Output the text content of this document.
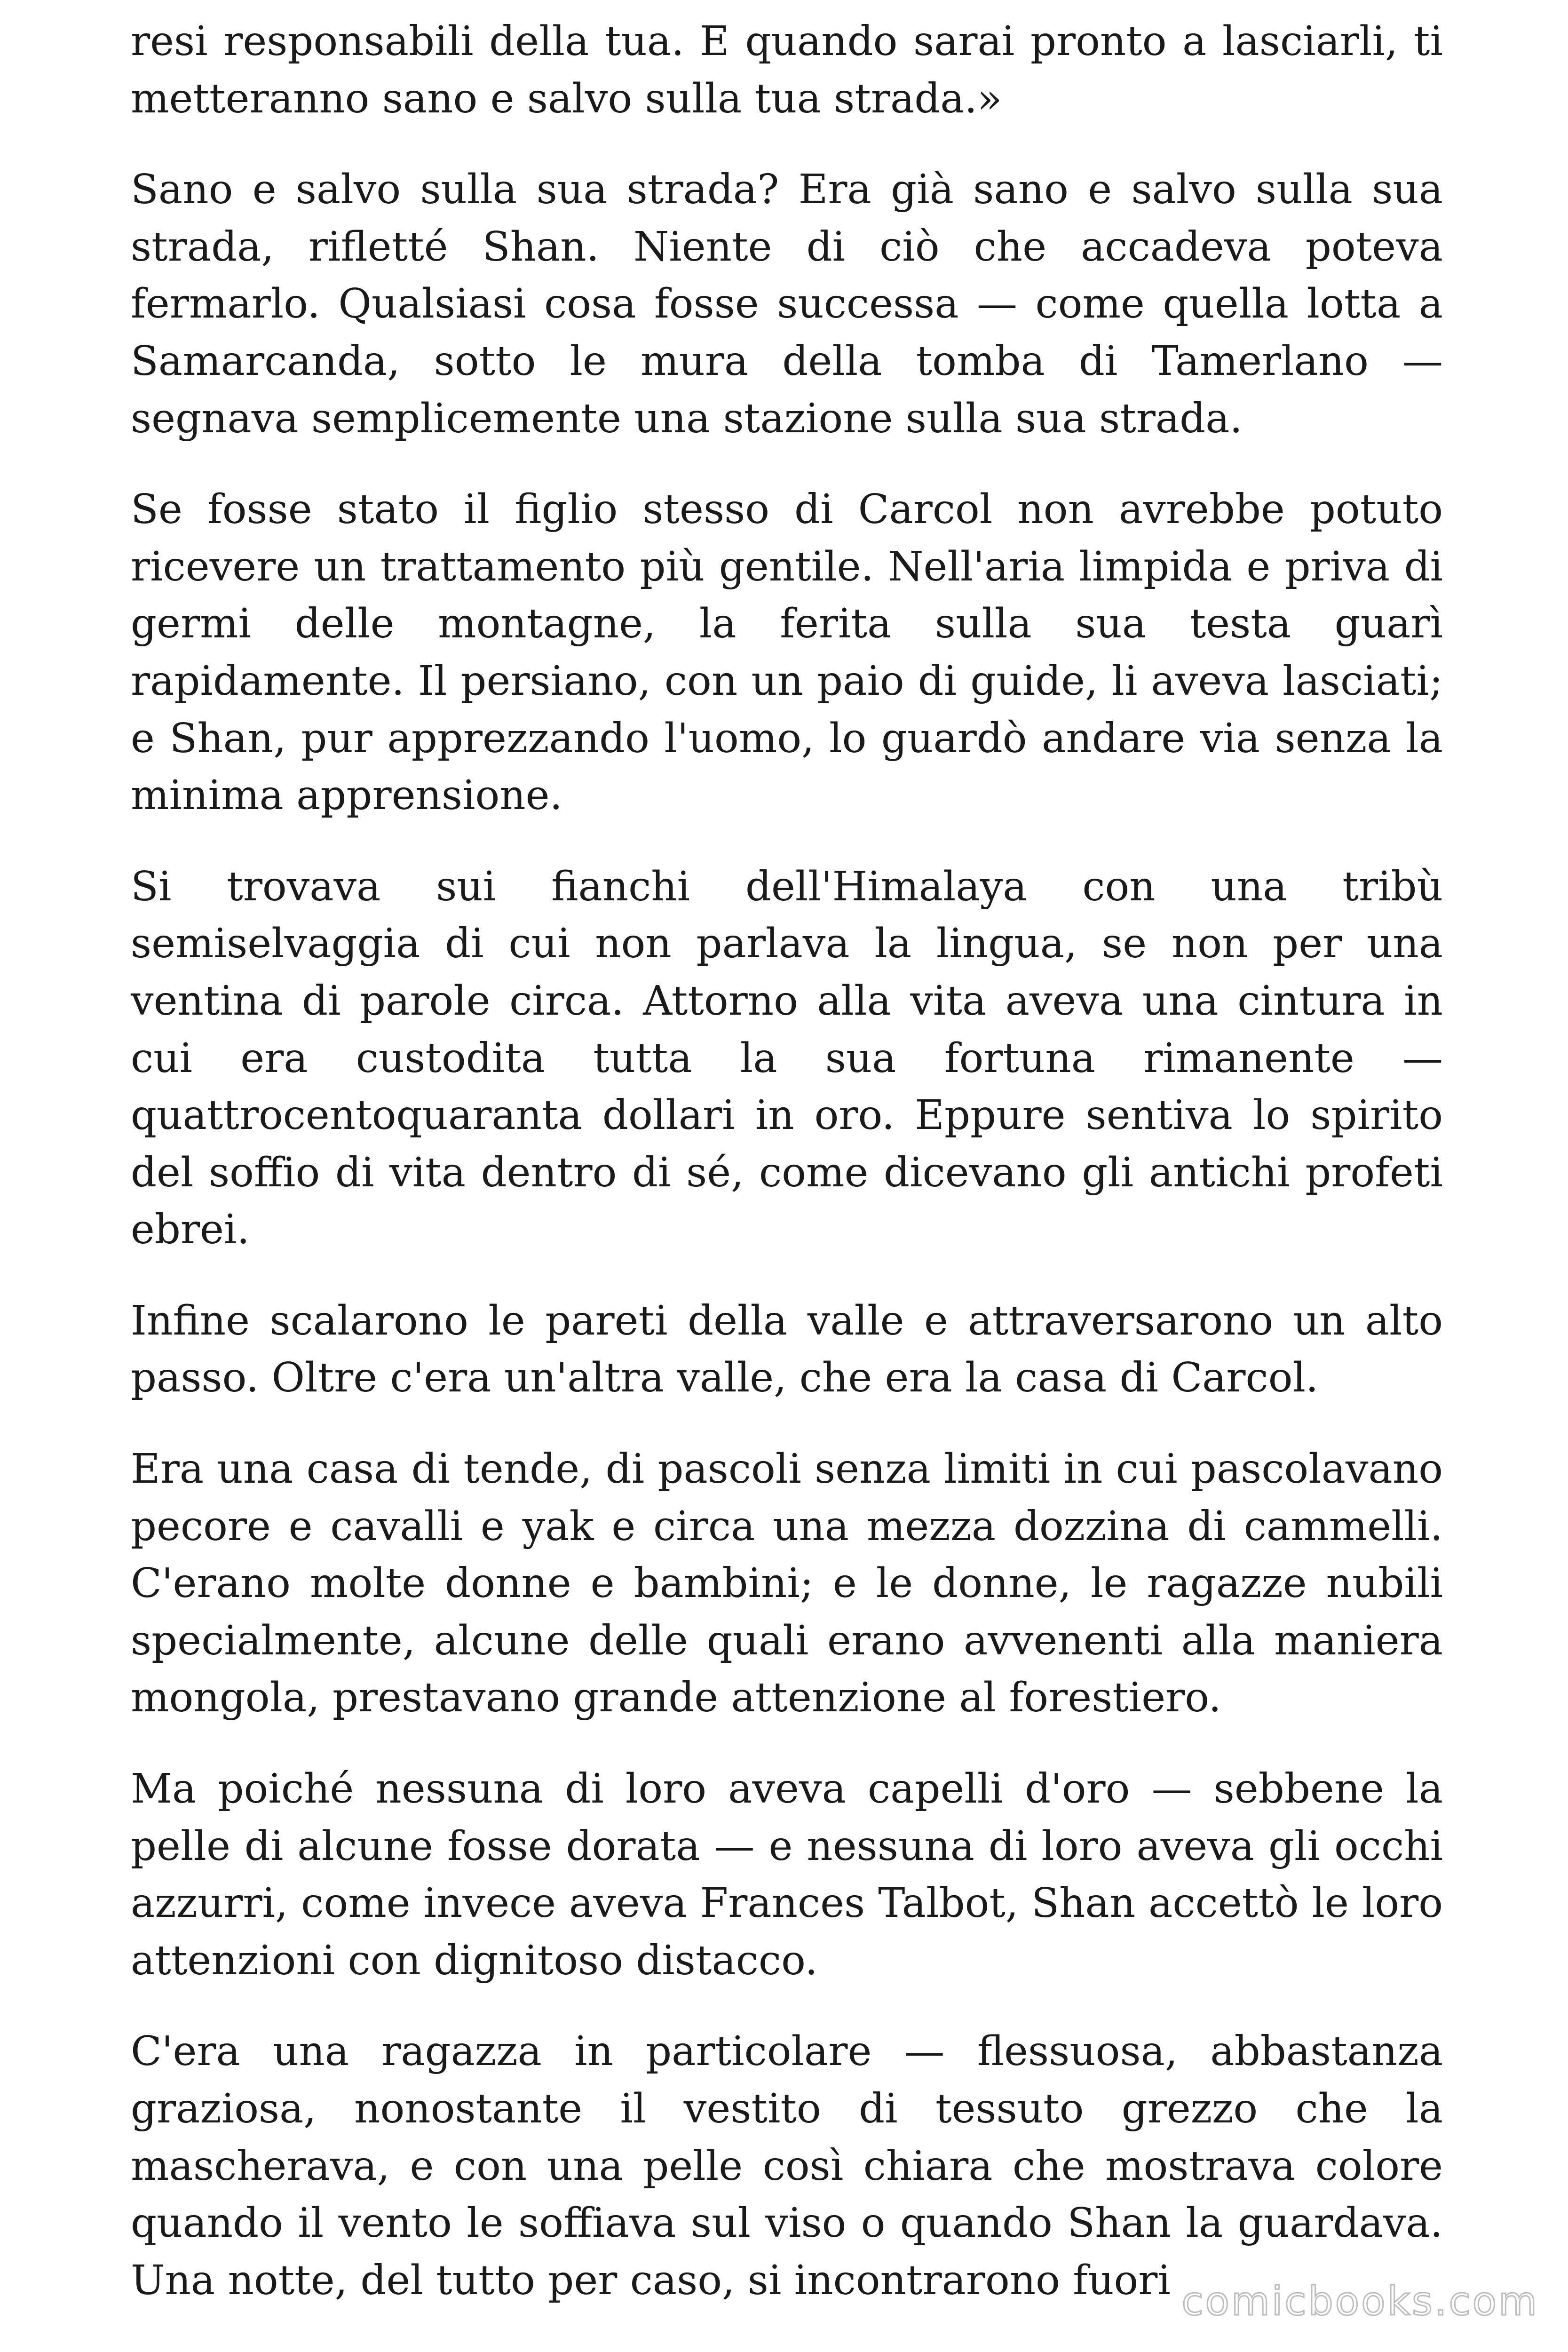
resi responsabili della tua. E quando sarai pronto a lasciarli, ti metteranno sano e salvo sulla tua strada.»

Sano e salvo sulla sua strada? Era già sano e salvo sulla sua strada, rifletté Shan. Niente di ciò che accadeva poteva fermarlo. Qualsiasi cosa fosse successa — come quella lotta a Samarcanda, sotto le mura della tomba di Tamerlano — segnava semplicemente una stazione sulla sua strada.

Se fosse stato il figlio stesso di Carcol non avrebbe potuto ricevere un trattamento più gentile. Nell'aria limpida e priva di germi delle montagne, la ferita sulla sua testa guarì rapidamente. Il persiano, con un paio di guide, li aveva lasciati; e Shan, pur apprezzando l'uomo, lo guardò andare via senza la minima apprensione.

Si trovava sui fianchi dell'Himalaya con una tribù semiselvaggia di cui non parlava la lingua, se non per una ventina di parole circa. Attorno alla vita aveva una cintura in cui era custodita tutta la sua fortuna rimanente — quattrocentoquaranta dollari in oro. Eppure sentiva lo spirito del soffio di vita dentro di sé, come dicevano gli antichi profeti ebrei.

Infine scalarono le pareti della valle e attraversarono un alto passo. Oltre c'era un'altra valle, che era la casa di Carcol.

Era una casa di tende, di pascoli senza limiti in cui pascolavano pecore e cavalli e yak e circa una mezza dozzina di cammelli. C'erano molte donne e bambini; e le donne, le ragazze nubili specialmente, alcune delle quali erano avvenenti alla maniera mongola, prestavano grande attenzione al forestiero.

Ma poiché nessuna di loro aveva capelli d'oro — sebbene la pelle di alcune fosse dorata — e nessuna di loro aveva gli occhi azzurri, come invece aveva Frances Talbot, Shan accettò le loro attenzioni con dignitoso distacco.

C'era una ragazza in particolare — flessuosa, abbastanza graziosa, nonostante il vestito di tessuto grezzo che la mascherava, e con una pelle così chiara che mostrava colore quando il vento le soffiava sul viso o quando Shan la guardava. Una notte, del tutto per caso, si incontrarono fuori comicbooks.com
